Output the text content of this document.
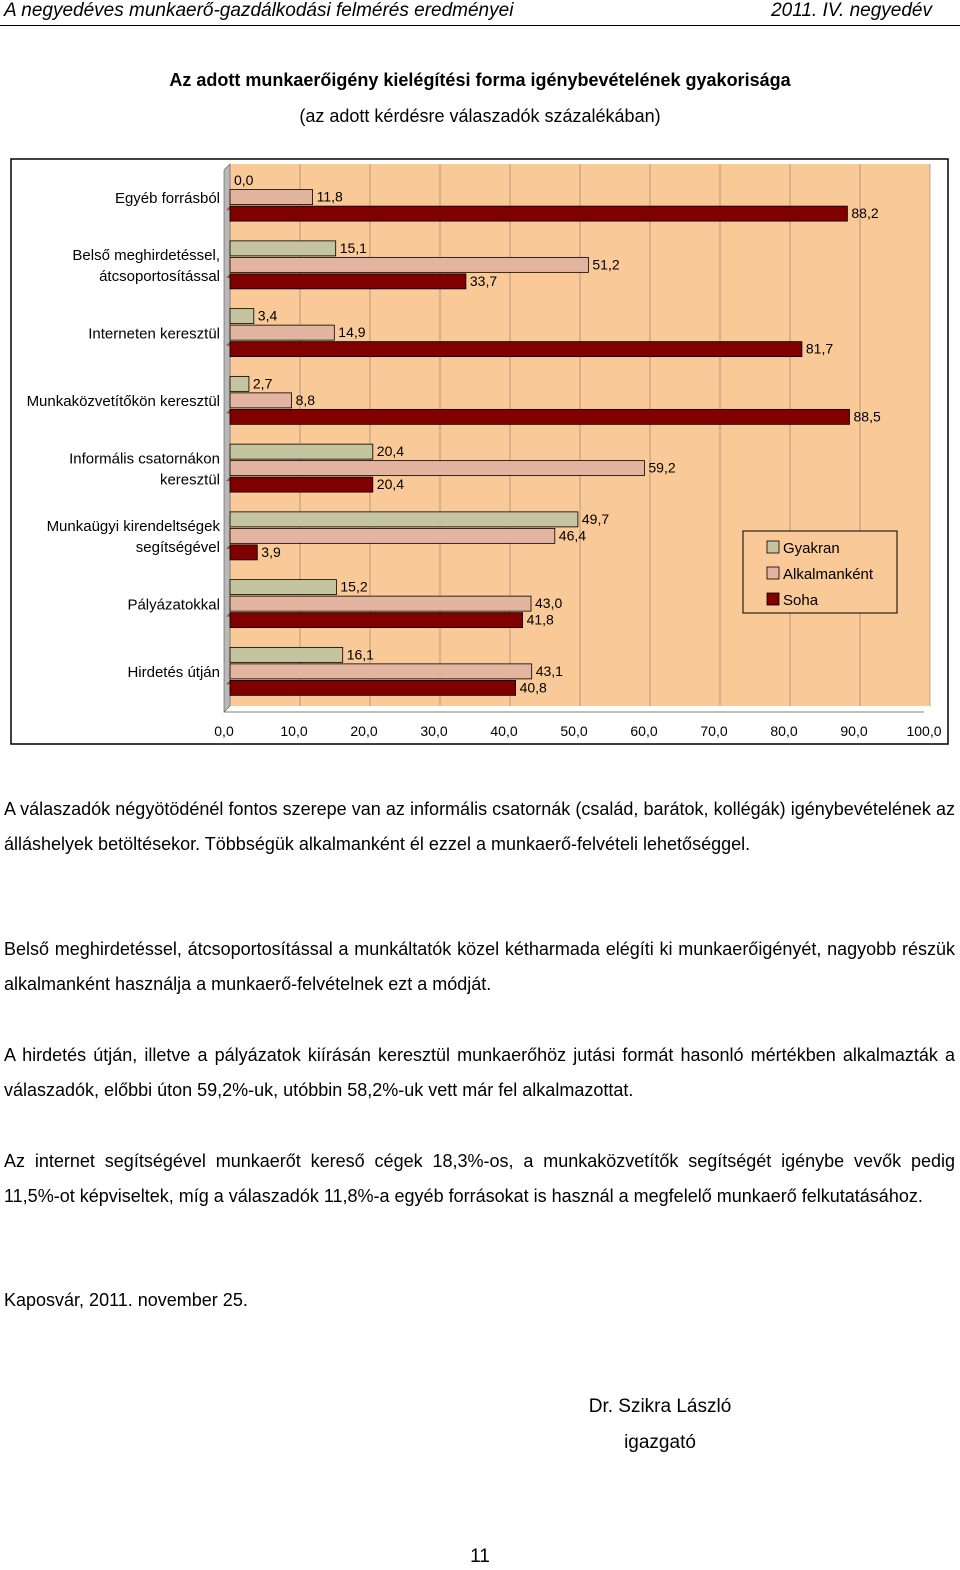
A negyedéves munkaerő-gazdálkodási felmérés eredményei	2011. IV. negyedév
Az adott munkaerőigény kielégítési forma igénybevételének gyakorisága
(az adott kérdésre válaszadók százalékában)
0,0
11,8
88,2
Egyéb forrásból
15,1
51,2
33,7
Belső meghirdetéssel,
átcsoportosítással
3,4
14,9
81,7
Interneten keresztül
2,7
8,8
88,5
Munkaközvetítőkön keresztül
20,4
59,2
20,4
Informális csatornákon
keresztül
49,7
46,4
3,9
Munkaügyi kirendeltségek
segítségével
15,2
43,0
41,8
Pályázatokkal
16,1
43,1
40,8
Hirdetés útján
0,0	10,0	20,0	30,0	40,0	50,0	60,0	70,0	80,0	90,0	100,0
Gyakran
Alkalmanként
Soha
A válaszadók négyötödénél fontos szerepe van az informális csatornák (család, barátok, kollégák) igénybevételének az álláshelyek betöltésekor. Többségük alkalmanként él ezzel a munkaerő-felvételi lehetőséggel.
Belső meghirdetéssel, átcsoportosítással a munkáltatók közel kétharmada elégíti ki munkaerőigényét, nagyobb részük alkalmanként használja a munkaerő-felvételnek ezt a módját.
A hirdetés útján, illetve a pályázatok kiírásán keresztül munkaerőhöz jutási formát hasonló mértékben alkalmazták a válaszadók, előbbi úton 59,2%-uk, utóbbin 58,2%-uk vett már fel alkalmazottat.
Az internet segítségével munkaerőt kereső cégek 18,3%-os, a munkaközvetítők segítségét igénybe vevők pedig 11,5%-ot képviseltek, míg a válaszadók 11,8%-a egyéb forrásokat is használ a megfelelő munkaerő felkutatásához.
Kaposvár, 2011. november 25.
Dr. Szikra László
igazgató
11
